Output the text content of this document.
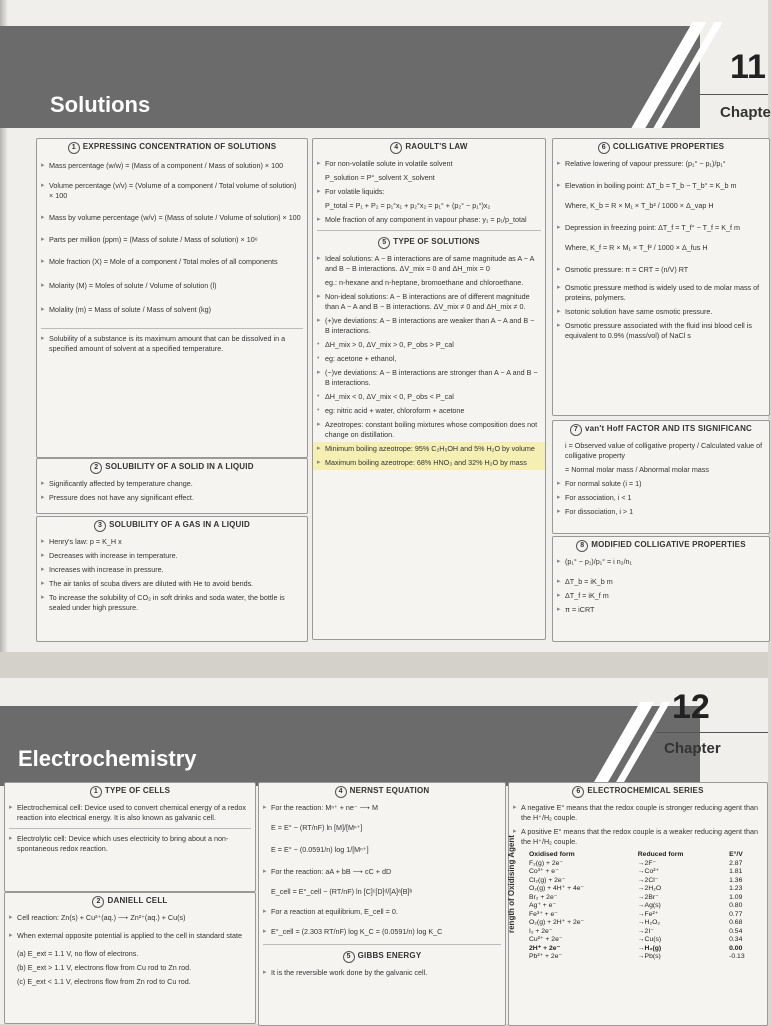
Solutions
11
Chapte
1 EXPRESSING CONCENTRATION OF SOLUTIONS
▸ Mass percentage (w/w) = (Mass of a component / Mass of solution) × 100
▸ Volume percentage (v/v) = (Volume of a component / Total volume of solution) × 100
▸ Mass by volume percentage (w/v) = (Mass of solute / Volume of solution) × 100
▸ Parts per million (ppm) = (Mass of solute / Mass of solution) × 10⁶
▸ Mole fraction (X) = Mole of a component / Total moles of all components
▸ Molarity (M) = Moles of solute / Volume of solution (l)
▸ Molality (m) = Mass of solute / Mass of solvent (kg)
▸ Solubility of a substance is its maximum amount that can be dissolved in a specified amount of solvent at a specified temperature.
2 SOLUBILITY OF A SOLID IN A LIQUID
▸ Significantly affected by temperature change.
▸ Pressure does not have any significant effect.
3 SOLUBILITY OF A GAS IN A LIQUID
▸ Henry's law: p = K_H x
▸ Decreases with increase in temperature.
▸ Increases with increase in pressure.
▸ The air tanks of scuba divers are diluted with He to avoid bends.
▸ To increase the solubility of CO₂ in soft drinks and soda water, the bottle is sealed under high pressure.
4 RAOULT'S LAW
▸ For non-volatile solute in volatile solvent
P_solution = P°_solvent X_solvent
▸ For volatile liquids:
P_total = P₁ + P₂ = p₁°x₁ + p₂°x₂ = p₁° + (p₂° − p₁°)x₂
▸ Mole fraction of any component in vapour phase: y₁ = p₁/p_total
5 TYPE OF SOLUTIONS
▸ Ideal solutions: A − B interactions are of same magnitude as A − A and B − B interactions. ΔV_mix = 0 and ΔH_mix = 0
eg.: n-hexane and n-heptane, bromoethane and chloroethane.
▸ Non-ideal solutions: A − B interactions are of different magnitude than A − A and B − B interactions. ΔV_mix ≠ 0 and ΔH_mix ≠ 0.
▸ (+)ve deviations: A − B interactions are weaker than A − A and B − B interactions.
• ΔH_mix > 0, ΔV_mix > 0, P_obs > P_cal
• eg: acetone + ethanol,
▸ (−)ve deviations: A − B interactions are stronger than A − A and B − B interactions.
• ΔH_mix < 0, ΔV_mix < 0, P_obs < P_cal
• eg: nitric acid + water, chloroform + acetone
▸ Azeotropes: constant boiling mixtures whose composition does not change on distillation.
▸ Minimum boiling azeotrope: 95% C₂H₅OH and 5% H₂O by volume
▸ Maximum boiling azeotrope: 68% HNO₃ and 32% H₂O by mass
6 COLLIGATIVE PROPERTIES
▸ Relative lowering of vapour pressure: (p₁° − p₁)/p₁°
▸ Elevation in boiling point: ΔT_b = T_b − T_b° = K_b m
Where, K_b = R × M₁ × T_b² / 1000 × Δ_vap H
▸ Depression in freezing point: ΔT_f = T_f° − T_f = K_f m
Where, K_f = R × M₁ × T_f² / 1000 × Δ_fus H
▸ Osmotic pressure: π = CRT = (n/V) RT
▸ Osmotic pressure method is widely used to de molar mass of proteins, polymers.
▸ Isotonic solution have same osmotic pressure.
▸ Osmotic pressure associated with the fluid insi blood cell is equivalent to 0.9% (mass/vol) of NaCl s
7 van't Hoff FACTOR AND ITS SIGNIFICANC
i = Observed value of colligative property / Calculated value of colligative property
= Normal molar mass / Abnormal molar mass
▸ For normal solute (i = 1)
▸ For association, i < 1
▸ For dissociation, i > 1
8 MODIFIED COLLIGATIVE PROPERTIES
▸ (p₁° − p₁)/p₁° = i n₂/n₁
▸ ΔT_b = iK_b m
▸ ΔT_f = iK_f m
▸ π = iCRT
Electrochemistry
12
Chapter
1 TYPE OF CELLS
▸ Electrochemical cell: Device used to convert chemical energy of a redox reaction into electrical energy. It is also known as galvanic cell.
▸ Electrolytic cell: Device which uses electricity to bring about a non-spontaneous redox reaction.
2 DANIELL CELL
▸ Cell reaction: Zn(s) + Cu²⁺(aq.) ⟶ Zn²⁺(aq.) + Cu(s)
▸ When external opposite potential is applied to the cell in standard state
(a) E_ext = 1.1 V, no flow of electrons.
(b) E_ext > 1.1 V, electrons flow from Cu rod to Zn rod.
(c) E_ext < 1.1 V, electrons flow from Zn rod to Cu rod.
4 NERNST EQUATION
▸ For the reaction: Mⁿ⁺ + ne⁻ ⟶ M
E = E° − (RT/nF) ln [M]/[Mⁿ⁺]
E = E° − (0.0591/n) log 1/[Mⁿ⁺]
▸ For the reaction: aA + bB ⟶ cC + dD
E_cell = E°_cell − (RT/nF) ln [C]ᶜ[D]ᵈ/[A]ᵃ[B]ᵇ
▸ For a reaction at equilibrium, E_cell = 0.
▸ E°_cell = (2.303 RT/nF) log K_C = (0.0591/n) log K_C
5 GIBBS ENERGY
▸ It is the reversible work done by the galvanic cell.
6 ELECTROCHEMICAL SERIES
▸ A negative E° means that the redox couple is stronger reducing agent than the H⁺/H₂ couple.
▸ A positive E° means that the redox couple is a weaker reducing agent than the H⁺/H₂ couple.
rength of Oxidising Agent Oxidised form	Reduced form	E°/V
F₂(g) + 2e⁻	→2F⁻	2.87
Co³⁺ + e⁻	→Co²⁺	1.81
Cl₂(g) + 2e⁻	→2Cl⁻	1.36
O₂(g) + 4H⁺ + 4e⁻	→2H₂O	1.23
Br₂ + 2e⁻	→2Br⁻	1.09
Ag⁺ + e⁻	→Ag(s)	0.80
Fe³⁺ + e⁻	→Fe²⁺	0.77
O₂(g) + 2H⁺ + 2e⁻	→H₂O₂	0.68
I₂ + 2e⁻	→2I⁻	0.54
Cu²⁺ + 2e⁻	→Cu(s)	0.34
2H⁺ + 2e⁻	→H₂(g)	0.00
Pb²⁺ + 2e⁻	→Pb(s)	-0.13
